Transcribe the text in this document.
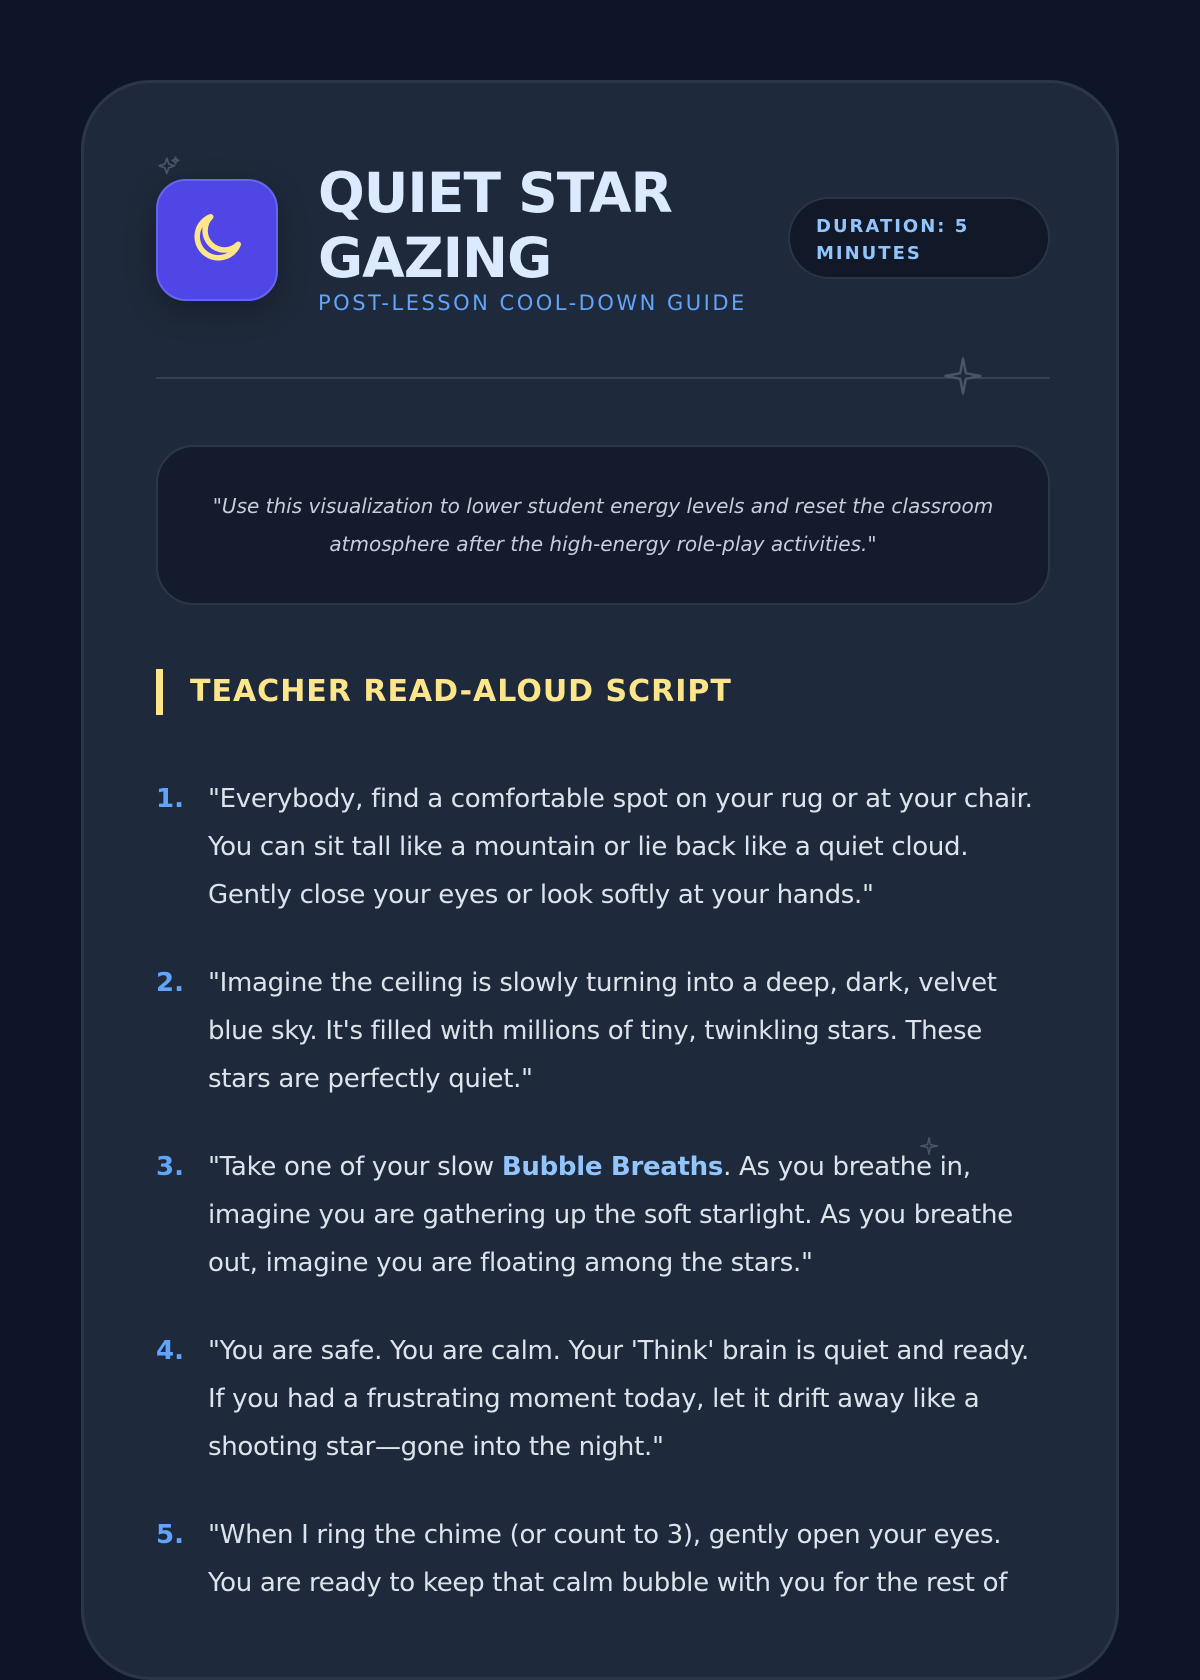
QUIET STAR GAZING
POST-LESSON COOL-DOWN GUIDE
DURATION: 5 MINUTES

"Use this visualization to lower student energy levels and reset the classroom atmosphere after the high-energy role-play activities."

TEACHER READ-ALOUD SCRIPT
1. "Everybody, find a comfortable spot on your rug or at your chair. You can sit tall like a mountain or lie back like a quiet cloud. Gently close your eyes or look softly at your hands."

2. "Imagine the ceiling is slowly turning into a deep, dark, velvet blue sky. It's filled with millions of tiny, twinkling stars. These stars are perfectly quiet."

3. "Take one of your slow Bubble Breaths. As you breathe in, imagine you are gathering up the soft starlight. As you breathe out, imagine you are floating among the stars."

4. "You are safe. You are calm. Your 'Think' brain is quiet and ready. If you had a frustrating moment today, let it drift away like a shooting star—gone into the night."

5. "When I ring the chime (or count to 3), gently open your eyes. You are ready to keep that calm bubble with you for the rest of
